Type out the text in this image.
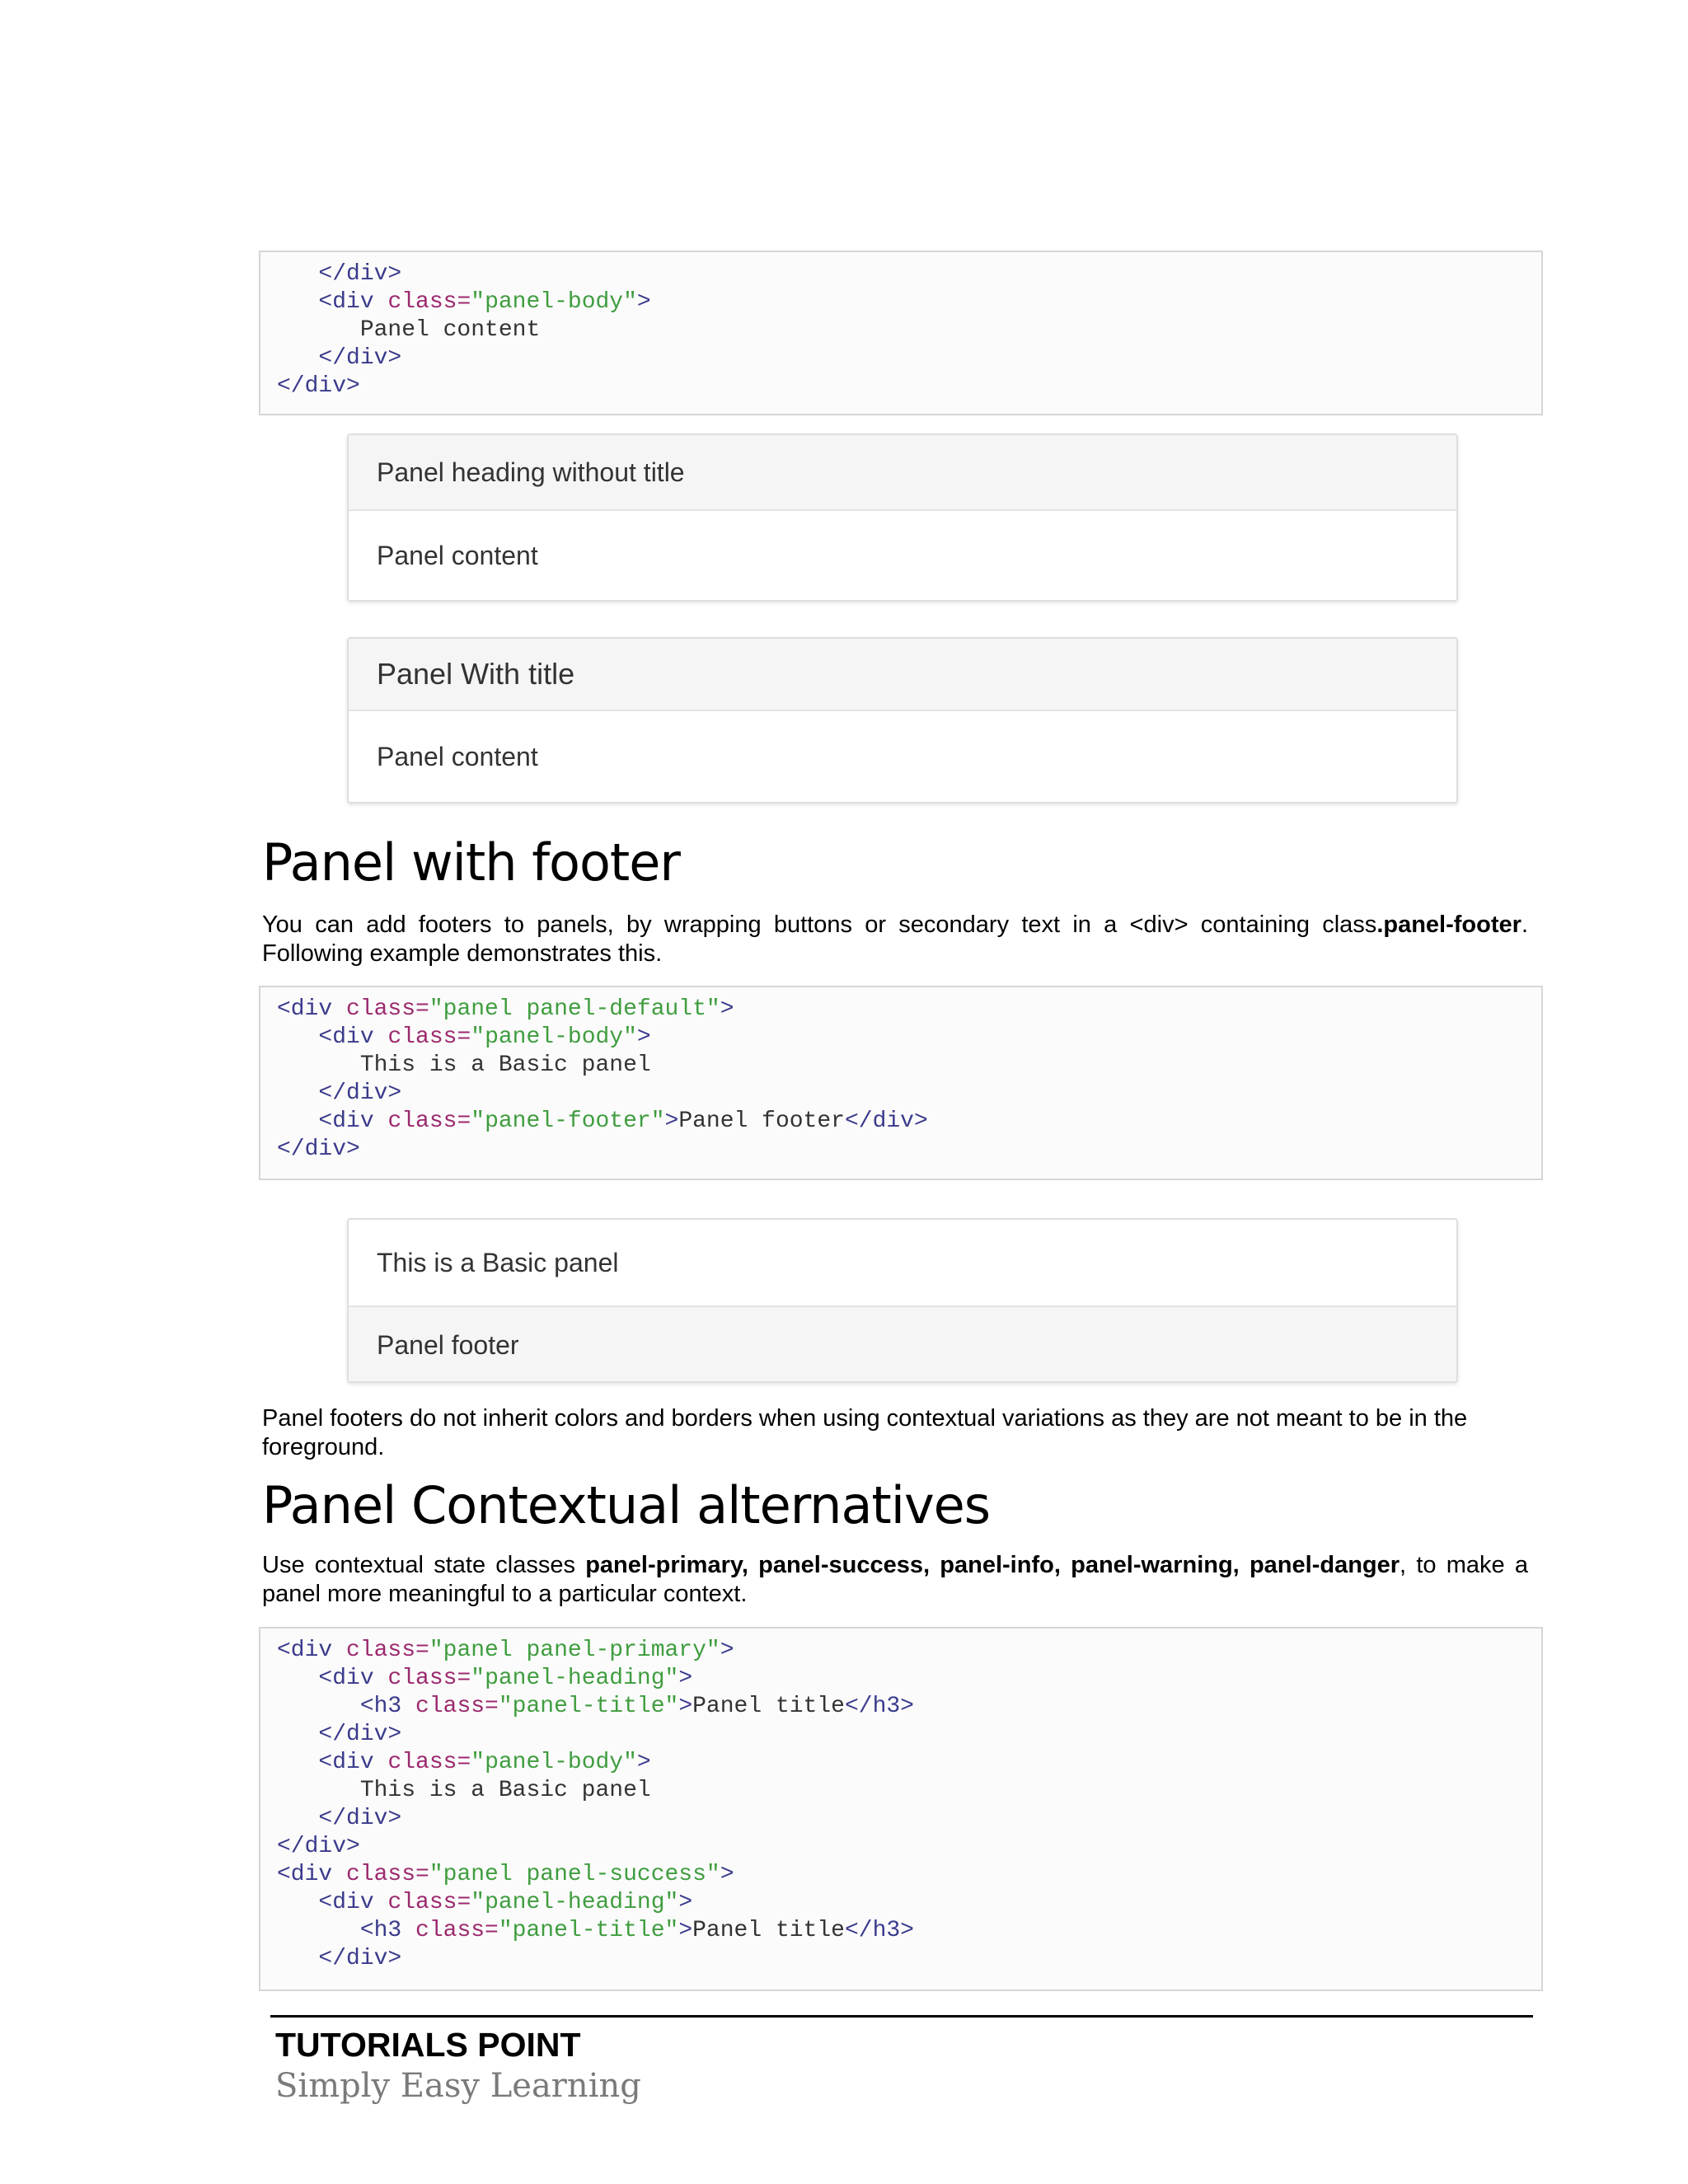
</div>
<div class="panel-body">
Panel content
</div>
</div>
Panel heading without title
Panel content
Panel With title
Panel content
Panel with footer

You can add footers to panels, by wrapping buttons or secondary text in a <div> containing class.panel-footer. Following example demonstrates this.

<div class="panel panel-default">
<div class="panel-body">
This is a Basic panel
</div>
<div class="panel-footer">Panel footer</div>
</div>
This is a Basic panel
Panel footer

Panel footers do not inherit colors and borders when using contextual variations as they are not meant to be in the foreground.

Panel Contextual alternatives

Use contextual state classes panel-primary, panel-success, panel-info, panel-warning, panel-danger, to make a panel more meaningful to a particular context.

<div class="panel panel-primary">
<div class="panel-heading">
<h3 class="panel-title">Panel title</h3>
</div>
<div class="panel-body">
This is a Basic panel
</div>
</div>
<div class="panel panel-success">
<div class="panel-heading">
<h3 class="panel-title">Panel title</h3>
</div>

TUTORIALS POINT

Simply Easy Learning
